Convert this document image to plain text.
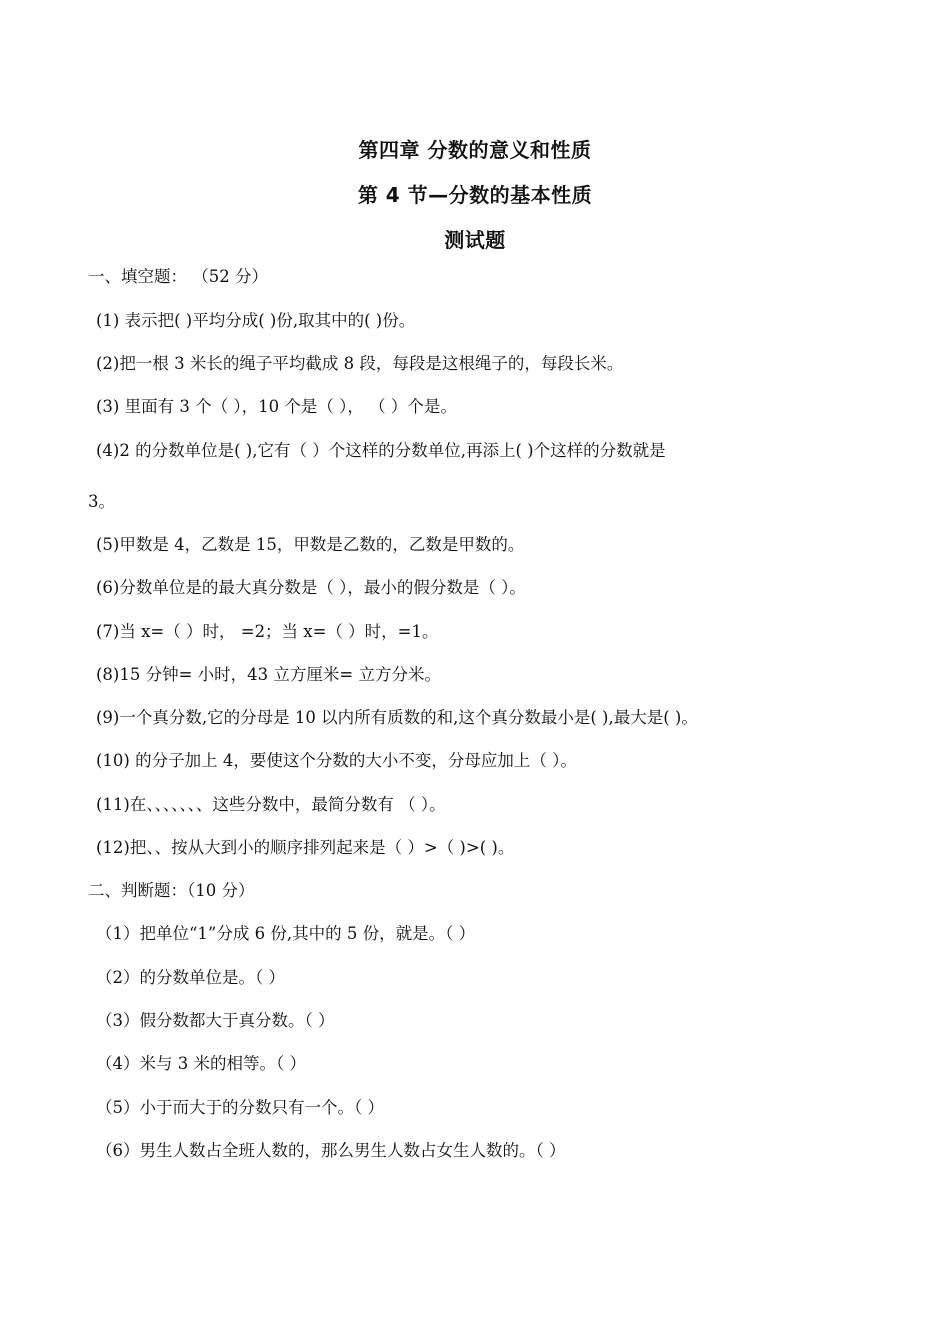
第四章 分数的意义和性质
第 4 节—分数的基本性质
测试题
一、填空题： （52 分）
(1) 表示把( )平均分成( )份,取其中的( )份。
(2)把一根 3 米长的绳子平均截成 8 段，每段是这根绳子的，每段长米。
(3) 里面有 3 个（ ），10 个是（ ）， （ ）个是。
(4)2 的分数单位是( ),它有（ ）个这样的分数单位,再添上( )个这样的分数就是
3。
(5)甲数是 4，乙数是 15，甲数是乙数的，乙数是甲数的。
(6)分数单位是的最大真分数是（ ），最小的假分数是（ ）。
(7)当 x=（ ）时， =2；当 x=（ ）时，=1。
(8)15 分钟= 小时，43 立方厘米= 立方分米。
(9)一个真分数,它的分母是 10 以内所有质数的和,这个真分数最小是( ),最大是( )。
(10) 的分子加上 4，要使这个分数的大小不变，分母应加上（ ）。
(11)在、、、、、、、这些分数中，最简分数有 （ ）。
(12)把、、按从大到小的顺序排列起来是（ ）>（ )>( )。
二、判断题：（10 分）
（1）把单位“1”分成 6 份,其中的 5 份，就是。（ ）
（2）的分数单位是。（ ）
（3）假分数都大于真分数。（ ）
（4）米与 3 米的相等。（ ）
（5）小于而大于的分数只有一个。（ ）
（6）男生人数占全班人数的，那么男生人数占女生人数的。（ ）
